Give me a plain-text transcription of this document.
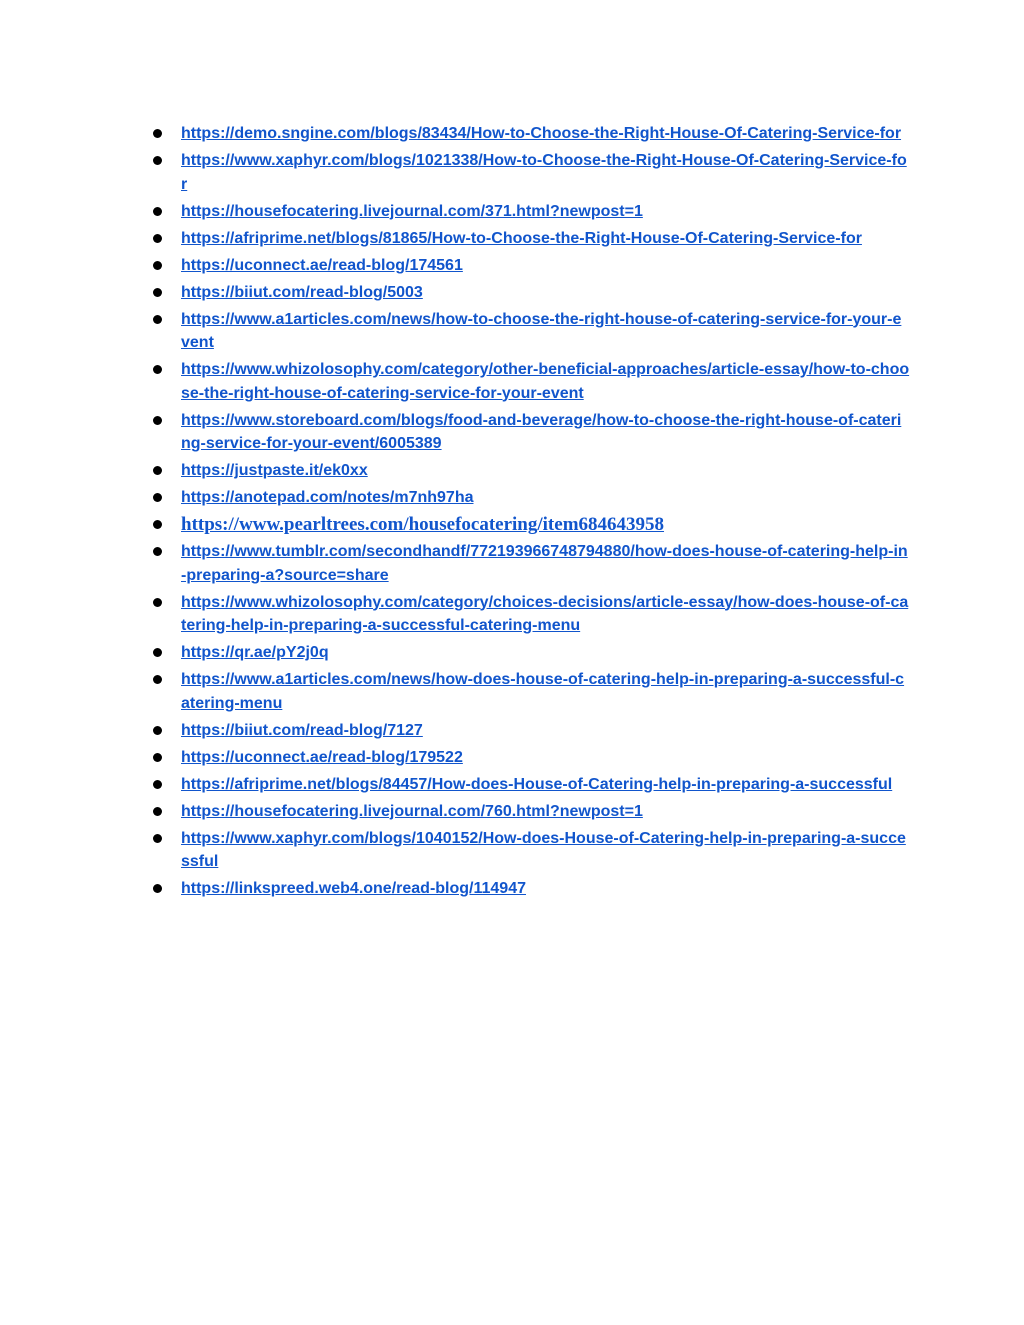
https://demo.sngine.com/blogs/83434/How-to-Choose-the-Right-House-Of-Catering-Service-for
https://www.xaphyr.com/blogs/1021338/How-to-Choose-the-Right-House-Of-Catering-Service-for
https://housefocatering.livejournal.com/371.html?newpost=1
https://afriprime.net/blogs/81865/How-to-Choose-the-Right-House-Of-Catering-Service-for
https://uconnect.ae/read-blog/174561
https://biiut.com/read-blog/5003
https://www.a1articles.com/news/how-to-choose-the-right-house-of-catering-service-for-your-event
https://www.whizolosophy.com/category/other-beneficial-approaches/article-essay/how-to-choose-the-right-house-of-catering-service-for-your-event
https://www.storeboard.com/blogs/food-and-beverage/how-to-choose-the-right-house-of-catering-service-for-your-event/6005389
https://justpaste.it/ek0xx
https://anotepad.com/notes/m7nh97ha
https://www.pearltrees.com/housefocatering/item684643958
https://www.tumblr.com/secondhandf/772193966748794880/how-does-house-of-catering-help-in-preparing-a?source=share
https://www.whizolosophy.com/category/choices-decisions/article-essay/how-does-house-of-catering-help-in-preparing-a-successful-catering-menu
https://qr.ae/pY2j0q
https://www.a1articles.com/news/how-does-house-of-catering-help-in-preparing-a-successful-catering-menu
https://biiut.com/read-blog/7127
https://uconnect.ae/read-blog/179522
https://afriprime.net/blogs/84457/How-does-House-of-Catering-help-in-preparing-a-successful
https://housefocatering.livejournal.com/760.html?newpost=1
https://www.xaphyr.com/blogs/1040152/How-does-House-of-Catering-help-in-preparing-a-successful
https://linkspreed.web4.one/read-blog/114947
